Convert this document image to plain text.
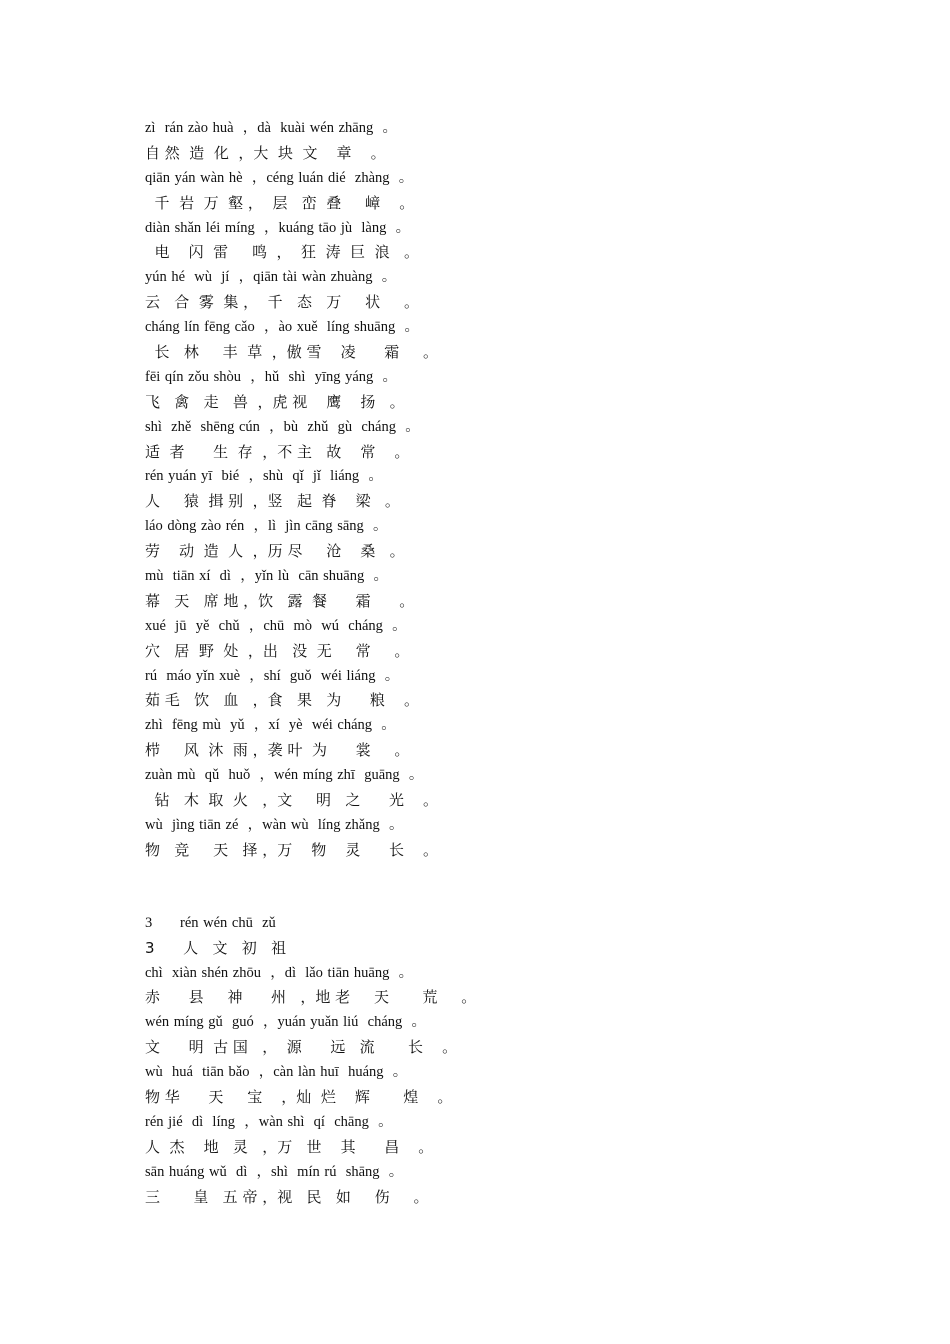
zì  rán zào huà  ，dà  kuài wén zhāng  。
自 然  造  化  ，大  块  文    章    。
qiān yán wàn hè  ，céng luán dié  zhàng  。
千  岩  万  壑 ，  层   峦  叠     嶂    。
diàn shǎn léi míng  ，kuáng tāo jù  làng  。
电    闪  雷     鸣  ，  狂  涛  巨  浪   。
yún hé  wù  jí  ，qiān tài wàn zhuàng  。
云   合  雾  集 ，  千   态   万     状     。
cháng lín fēng cǎo  ，ào xuě  líng shuāng  。
长   林     丰  草  ，傲 雪    凌      霜     。
fēi qín zǒu shòu  ，hǔ  shì  yīng yáng  。
飞   禽   走   兽  ，虎 视    鹰    扬   。
shì  zhě  shēng cún  ，bù  zhǔ  gù  cháng  。
适  者      生  存  ，不 主   故    常    。
rén yuán yī  bié  ，shù  qǐ  jǐ  liáng  。
人     猿  揖 别  ，竖   起  脊    梁   。
láo dòng zào rén  ，lì  jìn cāng sāng  。
劳    动  造  人  ，历 尽     沧    桑   。
mù  tiān xí  dì  ，yǐn lù  cān shuāng  。
幕   天   席 地 ，饮   露  餐      霜      。
xué  jū  yě  chǔ  ，chū  mò  wú  cháng  。
穴   居  野  处  ，出   没  无     常     。
rú  máo yǐn xuè  ，shí  guǒ  wéi liáng  。
茹 毛   饮   血   ，食   果   为      粮    。
zhì  fēng mù  yǔ  ，xí  yè  wéi cháng  。
栉     风  沐  雨 ，袭 叶  为      裳     。
zuàn mù  qǔ  huǒ  ，wén míng zhī  guāng  。
钻   木  取  火   ，文     明   之      光    。
wù  jìng tiān zé  ，wàn wù  líng zhǎng  。
物   竞     天   择 ，万    物    灵      长    。
3      rén wén chū  zǔ
3      人   文   初   祖
chì  xiàn shén zhōu  ，dì  lǎo tiān huāng  。
赤      县     神      州   ，地 老     天       荒     。
wén míng gǔ  guó  ，yuán yuǎn liú  cháng  。
文      明  古 国   ，  源      远   流       长    。
wù  huá  tiān bǎo  ，càn làn huī  huáng  。
物 华      天     宝    ，灿  烂    辉       煌    。
rén jié  dì  líng  ，wàn shì  qí  chāng  。
人  杰    地   灵   ，万   世    其      昌    。
sān huáng wǔ  dì  ，shì  mín rú  shāng  。
三       皇   五 帝 ，视   民   如     伤     。
